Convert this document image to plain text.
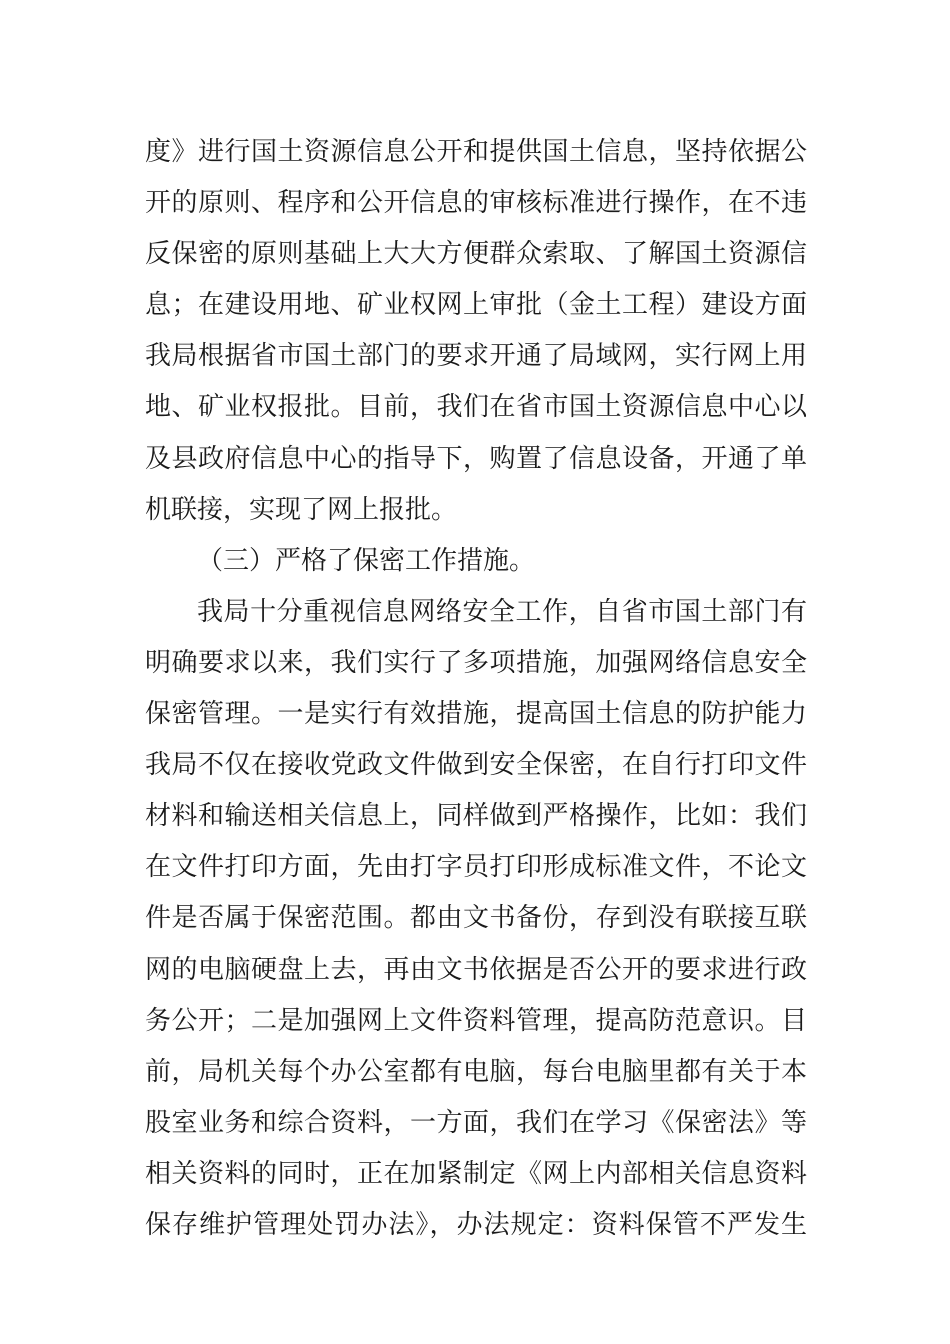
度》进行国土资源信息公开和提供国土信息，坚持依据公
开的原则、程序和公开信息的审核标准进行操作，在不违
反保密的原则基础上大大方便群众索取、了解国土资源信
息；在建设用地、矿业权网上审批（金土工程）建设方面
我局根据省市国土部门的要求开通了局域网，实行网上用
地、矿业权报批。目前，我们在省市国土资源信息中心以
及县政府信息中心的指导下，购置了信息设备，开通了单
机联接，实现了网上报批。
（三）严格了保密工作措施。
我局十分重视信息网络安全工作，自省市国土部门有
明确要求以来，我们实行了多项措施，加强网络信息安全
保密管理。一是实行有效措施，提高国土信息的防护能力
我局不仅在接收党政文件做到安全保密，在自行打印文件
材料和输送相关信息上，同样做到严格操作，比如：我们
在文件打印方面，先由打字员打印形成标准文件，不论文
件是否属于保密范围。都由文书备份，存到没有联接互联
网的电脑硬盘上去，再由文书依据是否公开的要求进行政
务公开；二是加强网上文件资料管理，提高防范意识。目
前，局机关每个办公室都有电脑，每台电脑里都有关于本
股室业务和综合资料，一方面，我们在学习《保密法》等
相关资料的同时，正在加紧制定《网上内部相关信息资料
保存维护管理处罚办法》，办法规定：资料保管不严发生
